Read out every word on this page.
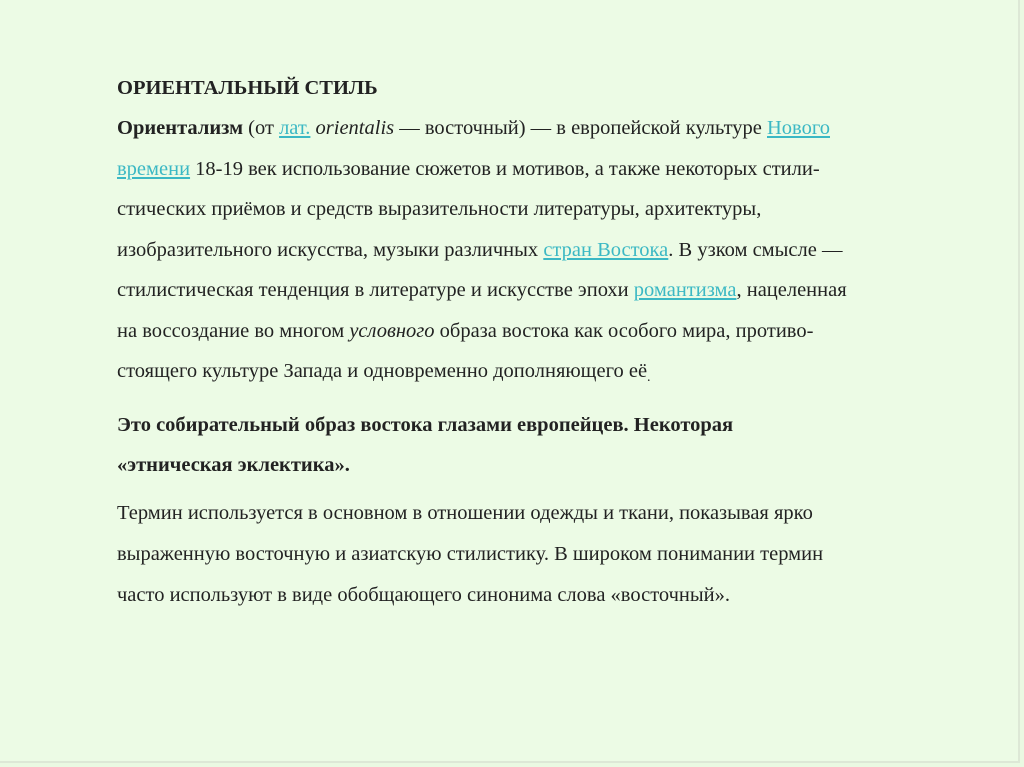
ОРИЕНТАЛЬНЫЙ СТИЛЬ

Ориентализм (от лат. orientalis — восточный) — в европейской культуре Нового
времени 18-19 век использование сюжетов и мотивов, а также некоторых стили-
стических приёмов и средств выразительности литературы, архитектуры,
изобразительного искусства, музыки различных стран Востока. В узком смысле —
стилистическая тенденция в литературе и искусстве эпохи романтизма, нацеленная
на воссоздание во многом условного образа востока как особого мира, противо-
стоящего культуре Запада и одновременно дополняющего её.

Это собирательный образ востока глазами европейцев. Некоторая
«этническая эклектика».

Термин используется в основном в отношении одежды и ткани, показывая ярко
выраженную восточную и азиатскую стилистику. В широком понимании термин
часто используют в виде обобщающего синонима слова «восточный».
